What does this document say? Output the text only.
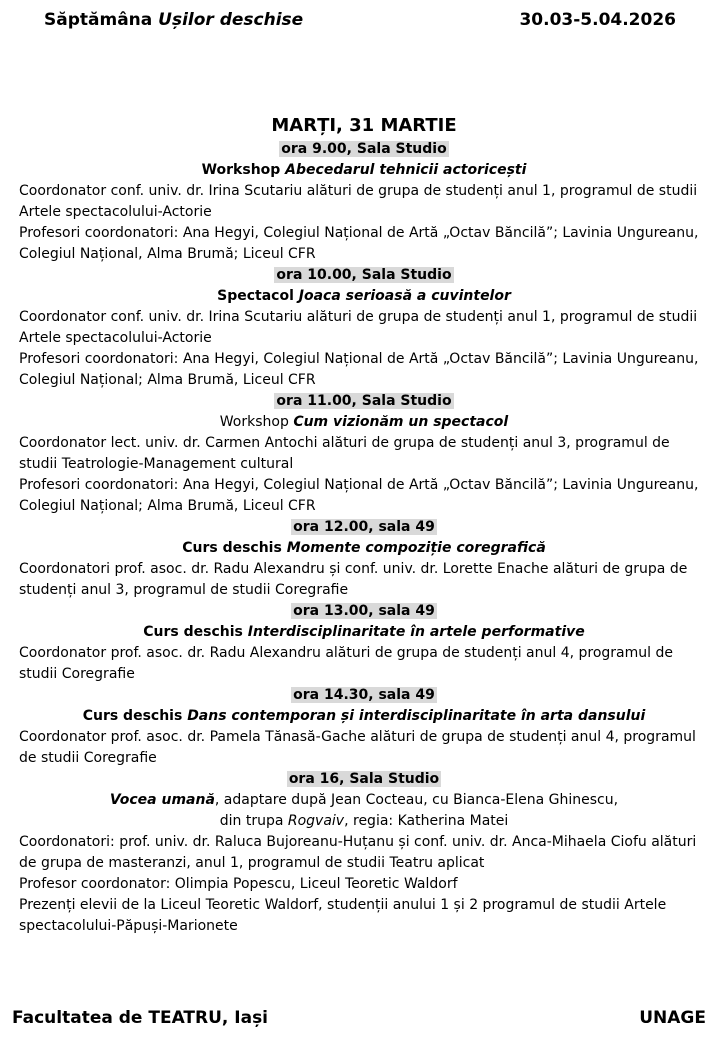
Săptămâna Ușilor deschise	30.03-5.04.2026
MARȚI, 31 MARTIE
ora 9.00, Sala Studio
Workshop Abecedarul tehnicii actoricești
Coordonator conf. univ. dr. Irina Scutariu alături de grupa de studenți anul 1, programul de studii Artele spectacolului-Actorie
Profesori coordonatori: Ana Hegyi, Colegiul Național de Artă „Octav Băncilă”; Lavinia Ungureanu, Colegiul Național, Alma Brumă; Liceul CFR
ora 10.00, Sala Studio
Spectacol Joaca serioasă a cuvintelor
Coordonator conf. univ. dr. Irina Scutariu alături de grupa de studenți anul 1, programul de studii Artele spectacolului-Actorie
Profesori coordonatori: Ana Hegyi, Colegiul Național de Artă „Octav Băncilă”; Lavinia Ungureanu, Colegiul Național; Alma Brumă, Liceul CFR
ora 11.00, Sala Studio
Workshop Cum vizionăm un spectacol
Coordonator lect. univ. dr. Carmen Antochi alături de grupa de studenți anul 3, programul de studii Teatrologie-Management cultural
Profesori coordonatori: Ana Hegyi, Colegiul Național de Artă „Octav Băncilă”; Lavinia Ungureanu, Colegiul Național; Alma Brumă, Liceul CFR
ora 12.00, sala 49
Curs deschis Momente compoziție coregrafică
Coordonatori prof. asoc. dr. Radu Alexandru și conf. univ. dr. Lorette Enache alături de grupa de studenți anul 3, programul de studii Coregrafie
ora 13.00, sala 49
Curs deschis Interdisciplinaritate în artele performative
Coordonator prof. asoc. dr. Radu Alexandru alături de grupa de studenți anul 4, programul de studii Coregrafie
ora 14.30, sala 49
Curs deschis Dans contemporan și interdisciplinaritate în arta dansului
Coordonator prof. asoc. dr. Pamela Tănasă-Gache alături de grupa de studenți anul 4, programul de studii Coregrafie
ora 16, Sala Studio
Vocea umană, adaptare după Jean Cocteau, cu Bianca-Elena Ghinescu,
din trupa Rogvaiv, regia: Katherina Matei
Coordonatori: prof. univ. dr. Raluca Bujoreanu-Huțanu și conf. univ. dr. Anca-Mihaela Ciofu alături de grupa de masteranzi, anul 1, programul de studii Teatru aplicat
Profesor coordonator: Olimpia Popescu, Liceul Teoretic Waldorf
Prezenți elevii de la Liceul Teoretic Waldorf, studenții anului 1 și 2 programul de studii Artele spectacolului-Păpuși-Marionete
Facultatea de TEATRU, Iași	UNAGE
